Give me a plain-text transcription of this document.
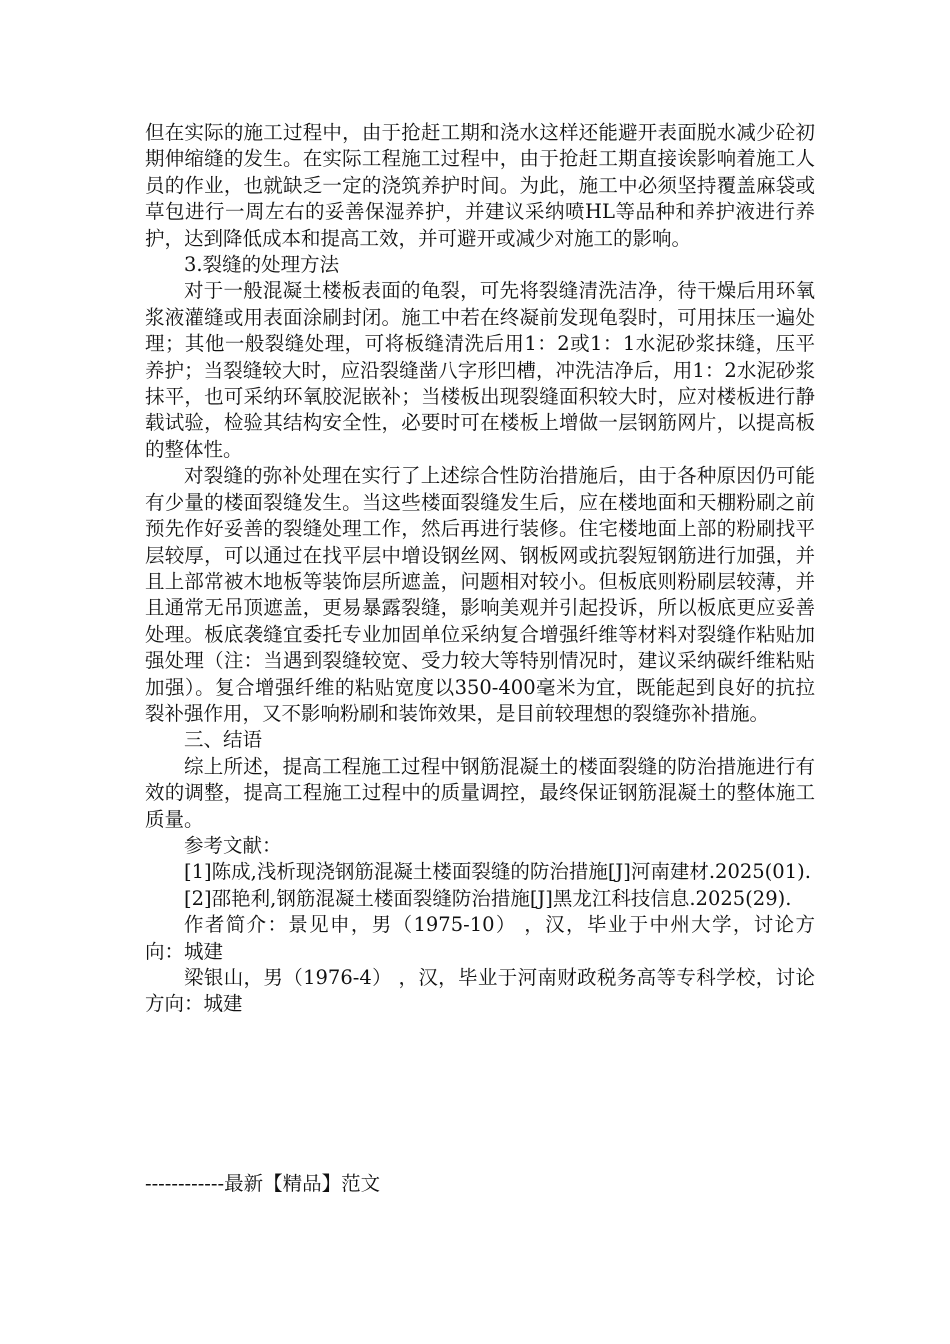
但在实际的施工过程中，由于抢赶工期和浇水这样还能避开表面脱水减少砼初期伸缩缝的发生。在实际工程施工过程中，由于抢赶工期直接诶影响着施工人员的作业，也就缺乏一定的浇筑养护时间。为此，施工中必须坚持覆盖麻袋或草包进行一周左右的妥善保湿养护，并建议采纳喷HL等品种和养护液进行养护，达到降低成本和提高工效，并可避开或减少对施工的影响。

3.裂缝的处理方法

对于一般混凝土楼板表面的龟裂，可先将裂缝清洗洁净，待干燥后用环氧浆液灌缝或用表面涂刷封闭。施工中若在终凝前发现龟裂时，可用抹压一遍处理；其他一般裂缝处理，可将板缝清洗后用1：2或1：1水泥砂浆抹缝，压平养护；当裂缝较大时，应沿裂缝凿八字形凹槽，冲洗洁净后，用1：2水泥砂浆抹平，也可采纳环氧胶泥嵌补；当楼板出现裂缝面积较大时，应对楼板进行静载试验，检验其结构安全性，必要时可在楼板上增做一层钢筋网片，以提高板的整体性。

对裂缝的弥补处理在实行了上述综合性防治措施后，由于各种原因仍可能有少量的楼面裂缝发生。当这些楼面裂缝发生后，应在楼地面和天棚粉刷之前预先作好妥善的裂缝处理工作，然后再进行装修。住宅楼地面上部的粉刷找平层较厚，可以通过在找平层中增设钢丝网、钢板网或抗裂短钢筋进行加强，并且上部常被木地板等装饰层所遮盖，问题相对较小。但板底则粉刷层较薄，并且通常无吊顶遮盖，更易暴露裂缝，影响美观并引起投诉，所以板底更应妥善处理。板底袭缝宜委托专业加固单位采纳复合增强纤维等材料对裂缝作粘贴加强处理（注：当遇到裂缝较宽、受力较大等特别情况时，建议采纳碳纤维粘贴加强）。复合增强纤维的粘贴宽度以350-400毫米为宜，既能起到良好的抗拉裂补强作用，又不影响粉刷和装饰效果，是目前较理想的裂缝弥补措施。

三、结语

综上所述，提高工程施工过程中钢筋混凝土的楼面裂缝的防治措施进行有效的调整，提高工程施工过程中的质量调控，最终保证钢筋混凝土的整体施工质量。

参考文献：

[1]陈成,浅析现浇钢筋混凝土楼面裂缝的防治措施[J]河南建材.2025(01).

[2]邵艳利,钢筋混凝土楼面裂缝防治措施[J]黑龙江科技信息.2025(29).

作者简介：景见申，男（1975-10） ，汉，毕业于中州大学，讨论方向：城建

梁银山，男（1976-4） ，汉，毕业于河南财政税务高等专科学校，讨论方向：城建

------------最新【精品】范文
